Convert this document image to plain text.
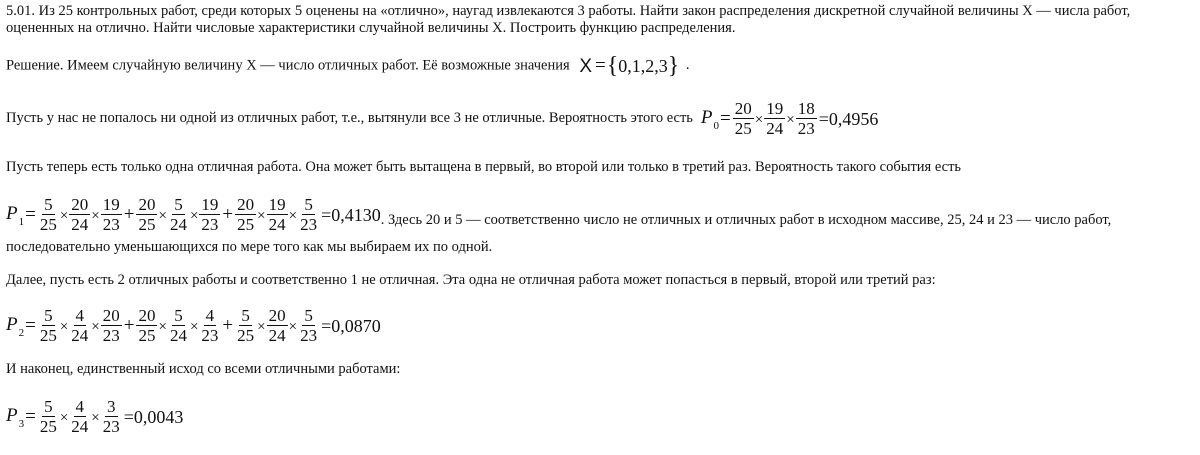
5.01. Из 25 контрольных работ, среди которых 5 оценены на «отлично», наугад извлекаются 3 работы. Найти закон распределения дискретной случайной величины X — числа работ, оцененных на отлично. Найти числовые характеристики случайной величины X. Построить функцию распределения.

Решение. Имеем случайную величину X — число отличных работ. Её возможные значения X = { 0,1,2,3 } .

Пусть у нас не попалось ни одной из отличных работ, т.е., вытянули все 3 не отличные. Вероятность этого есть $P_0 = \frac{20}{25} \times \frac{19}{24} \times \frac{18}{23} =0,4956$

Пусть теперь есть только одна отличная работа. Она может быть вытащена в первый, во второй или только в третий раз. Вероятность такого события есть

$P_1 = \frac{5}{25} \times \frac{20}{24} \times \frac{19}{23} + \frac{20}{25} \times \frac{5}{24} \times \frac{19}{23} + \frac{20}{25} \times \frac{19}{24} \times \frac{5}{23} =0,4130$ . Здесь 20 и 5 — соответственно число не отличных и отличных работ в исходном массиве, 25, 24 и 23 — число работ, последовательно уменьшающихся по мере того как мы выбираем их по одной.

Далее, пусть есть 2 отличных работы и соответственно 1 не отличная. Эта одна не отличная работа может попасться в первый, второй или третий раз:

$P_2 = \frac{5}{25} \times \frac{4}{24} \times \frac{20}{23} + \frac{20}{25} \times \frac{5}{24} \times \frac{4}{23} + \frac{5}{25} \times \frac{20}{24} \times \frac{5}{23} =0,0870$

И наконец, единственный исход со всеми отличными работами:

$P_3 = \frac{5}{25} \times \frac{4}{24} \times \frac{3}{23} =0,0043$
